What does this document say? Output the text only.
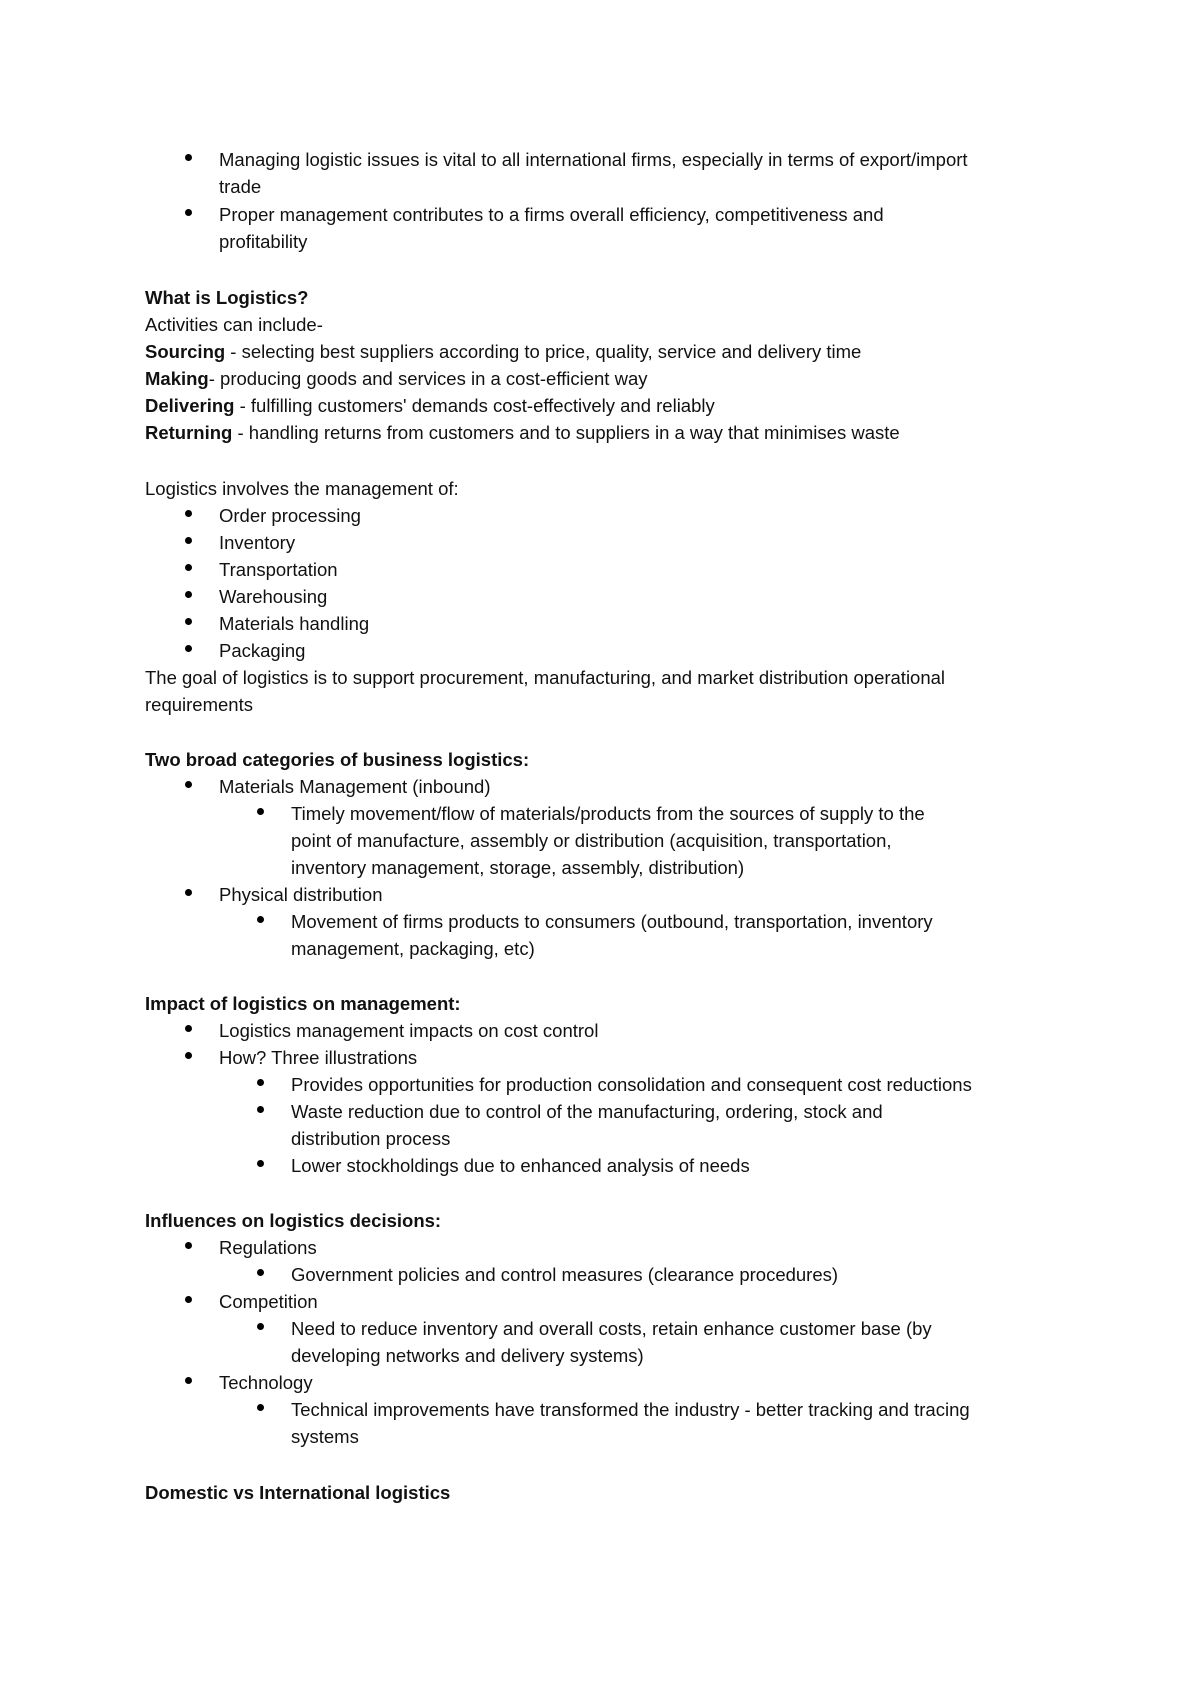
Managing logistic issues is vital to all international firms, especially in terms of export/import
trade
Proper management contributes to a firms overall efficiency, competitiveness and
profitability
What is Logistics?
Activities can include-
Sourcing - selecting best suppliers according to price, quality, service and delivery time
Making- producing goods and services in a cost-efficient way
Delivering - fulfilling customers' demands cost-effectively and reliably
Returning - handling returns from customers and to suppliers in a way that minimises waste
Logistics involves the management of:
Order processing
Inventory
Transportation
Warehousing
Materials handling
Packaging
The goal of logistics is to support procurement, manufacturing, and market distribution operational
requirements
Two broad categories of business logistics:
Materials Management (inbound)
Timely movement/flow of materials/products from the sources of supply to the
point of manufacture, assembly or distribution (acquisition, transportation,
inventory management, storage, assembly, distribution)
Physical distribution
Movement of firms products to consumers (outbound, transportation, inventory
management, packaging, etc)
Impact of logistics on management:
Logistics management impacts on cost control
How? Three illustrations
Provides opportunities for production consolidation and consequent cost reductions
Waste reduction due to control of the manufacturing, ordering, stock and
distribution process
Lower stockholdings due to enhanced analysis of needs
Influences on logistics decisions:
Regulations
Government policies and control measures (clearance procedures)
Competition
Need to reduce inventory and overall costs, retain enhance customer base (by
developing networks and delivery systems)
Technology
Technical improvements have transformed the industry - better tracking and tracing
systems
Domestic vs International logistics
